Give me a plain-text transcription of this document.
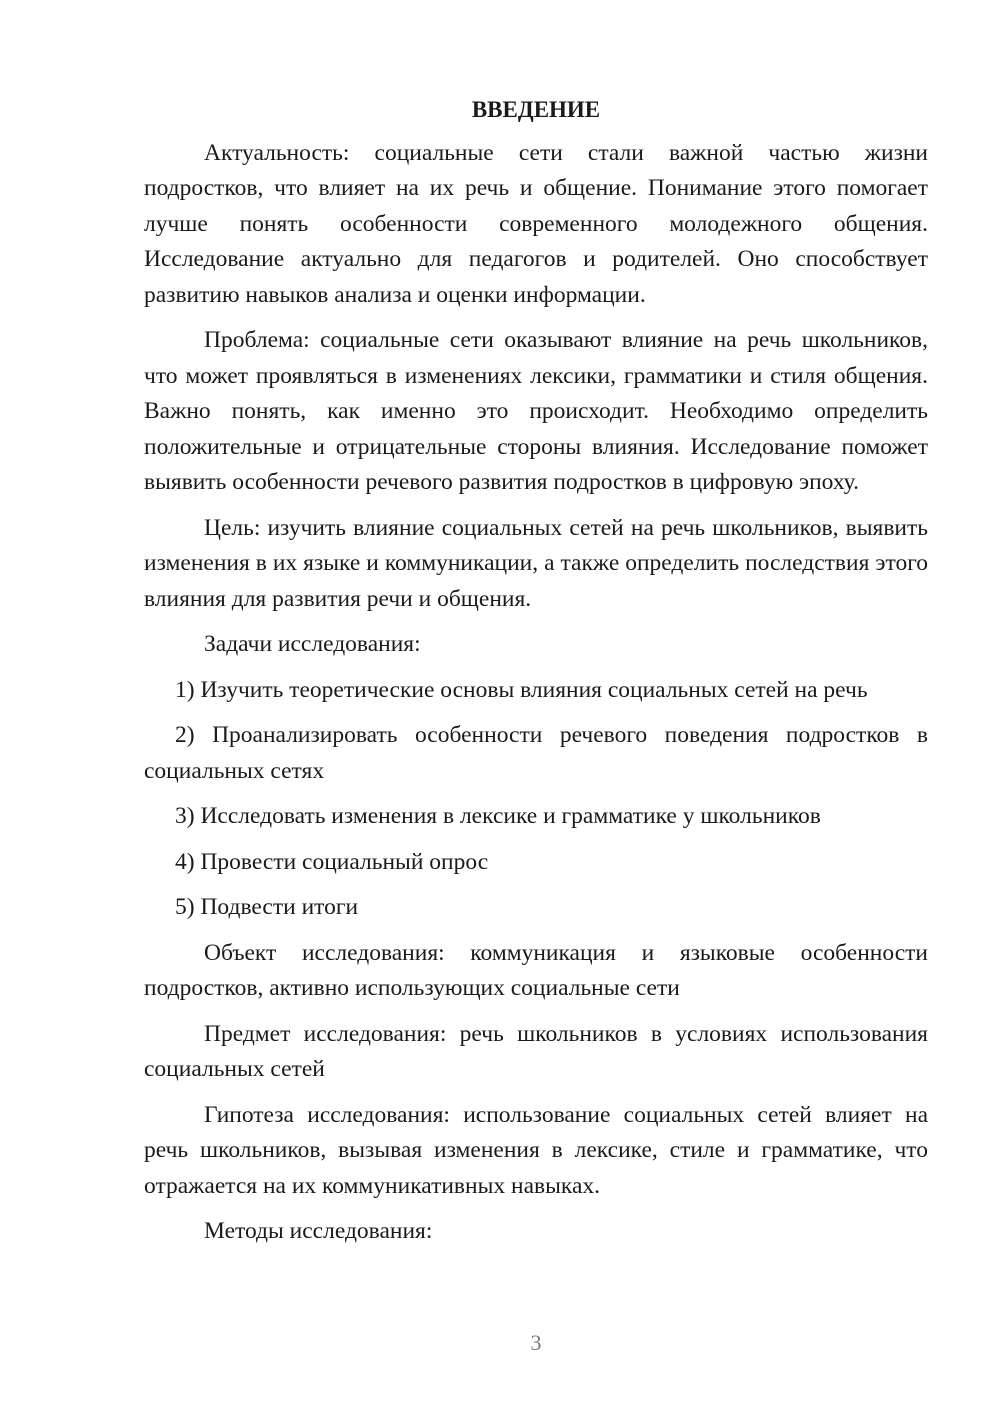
ВВЕДЕНИЕ

Актуальность: социальные сети стали важной частью жизни подростков, что влияет на их речь и общение. Понимание этого помогает лучше понять особенности современного молодежного общения. Исследование актуально для педагогов и родителей. Оно способствует развитию навыков анализа и оценки информации.

Проблема: социальные сети оказывают влияние на речь школьников, что может проявляться в изменениях лексики, грамматики и стиля общения. Важно понять, как именно это происходит. Необходимо определить положительные и отрицательные стороны влияния. Исследование поможет выявить особенности речевого развития подростков в цифровую эпоху.

Цель: изучить влияние социальных сетей на речь школьников, выявить изменения в их языке и коммуникации, а также определить последствия этого влияния для развития речи и общения.

Задачи исследования:

1) Изучить теоретические основы влияния социальных сетей на речь

2) Проанализировать особенности речевого поведения подростков в социальных сетях

3) Исследовать изменения в лексике и грамматике у школьников

4) Провести социальный опрос

5) Подвести итоги

Объект исследования: коммуникация и языковые особенности подростков, активно использующих социальные сети

Предмет исследования: речь школьников в условиях использования социальных сетей

Гипотеза исследования: использование социальных сетей влияет на речь школьников, вызывая изменения в лексике, стиле и грамматике, что отражается на их коммуникативных навыках.

Методы исследования:

3
